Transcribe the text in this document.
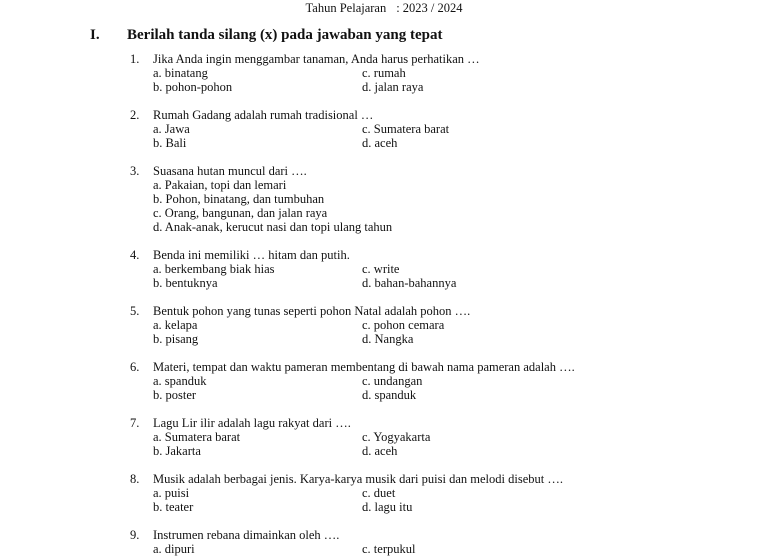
Tahun Pelajaran : 2023 / 2024
I. Berilah tanda silang (x) pada jawaban yang tepat
1. Jika Anda ingin menggambar tanaman, Anda harus perhatikan …
a. binatang	c. rumah
b. pohon-pohon	d. jalan raya
2. Rumah Gadang adalah rumah tradisional …
a. Jawa	c. Sumatera barat
b. Bali	d. aceh
3. Suasana hutan muncul dari ….
a. Pakaian, topi dan lemari
b. Pohon, binatang, dan tumbuhan
c. Orang, bangunan, dan jalan raya
d. Anak-anak, kerucut nasi dan topi ulang tahun
4. Benda ini memiliki … hitam dan putih.
a. berkembang biak hias	c. write
b. bentuknya	d. bahan-bahannya
5. Bentuk pohon yang tunas seperti pohon Natal adalah pohon ….
a. kelapa	c. pohon cemara
b. pisang	d. Nangka
6. Materi, tempat dan waktu pameran membentang di bawah nama pameran adalah ….
a. spanduk	c. undangan
b. poster	d. spanduk
7. Lagu Lir ilir adalah lagu rakyat dari ….
a. Sumatera barat	c. Yogyakarta
b. Jakarta	d. aceh
8. Musik adalah berbagai jenis. Karya-karya musik dari puisi dan melodi disebut ….
a. puisi	c. duet
b. teater	d. lagu itu
9. Instrumen rebana dimainkan oleh ….
a. dipuri	c. terpukul
